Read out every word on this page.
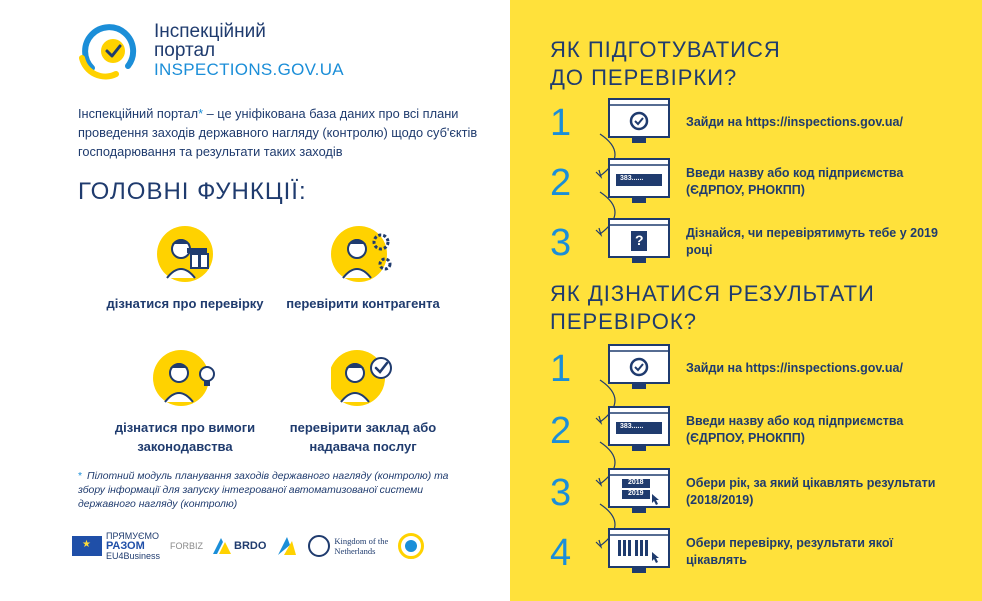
Інспекційний
портал
INSPECTIONS.GOV.UA
Інспекційний портал* – це уніфікована база даних про всі плани проведення заходів державного нагляду (контролю) щодо суб'єктів господарювання та результати таких заходів
ГОЛОВНІ ФУНКЦІЇ:
дізнатися про перевірку	перевірити контрагента
дізнатися про вимоги законодавства
перевірити заклад або надавача послуг
* Пілотний модуль планування заходів державного нагляду (контролю) та збору інформації для запуску інтегрованої автоматизованої системи державного нагляду (контролю)
★
ПРЯМУЄМО
РАЗОМ
EU4Business
FORBIZ	BRDO	Kingdom of the
Netherlands
ЯК ПІДГОТУВАТИСЯ
ДО ПЕРЕВІРКИ?
1	Зайди на https://inspections.gov.ua/
2	383......	Введи назву або код підприємства (ЄДРПОУ, РНОКПП)
3	?	Дізнайся, чи перевірятимуть тебе у 2019 році
ЯК ДІЗНАТИСЯ РЕЗУЛЬТАТИ
ПЕРЕВІРОК?
1	Зайди на https://inspections.gov.ua/
2	383......	Введи назву або код підприємства (ЄДРПОУ, РНОКПП)
3	2018
2019
Обери рік, за який цікавлять результати (2018/2019)
4	Обери перевірку, результати якої цікавлять
